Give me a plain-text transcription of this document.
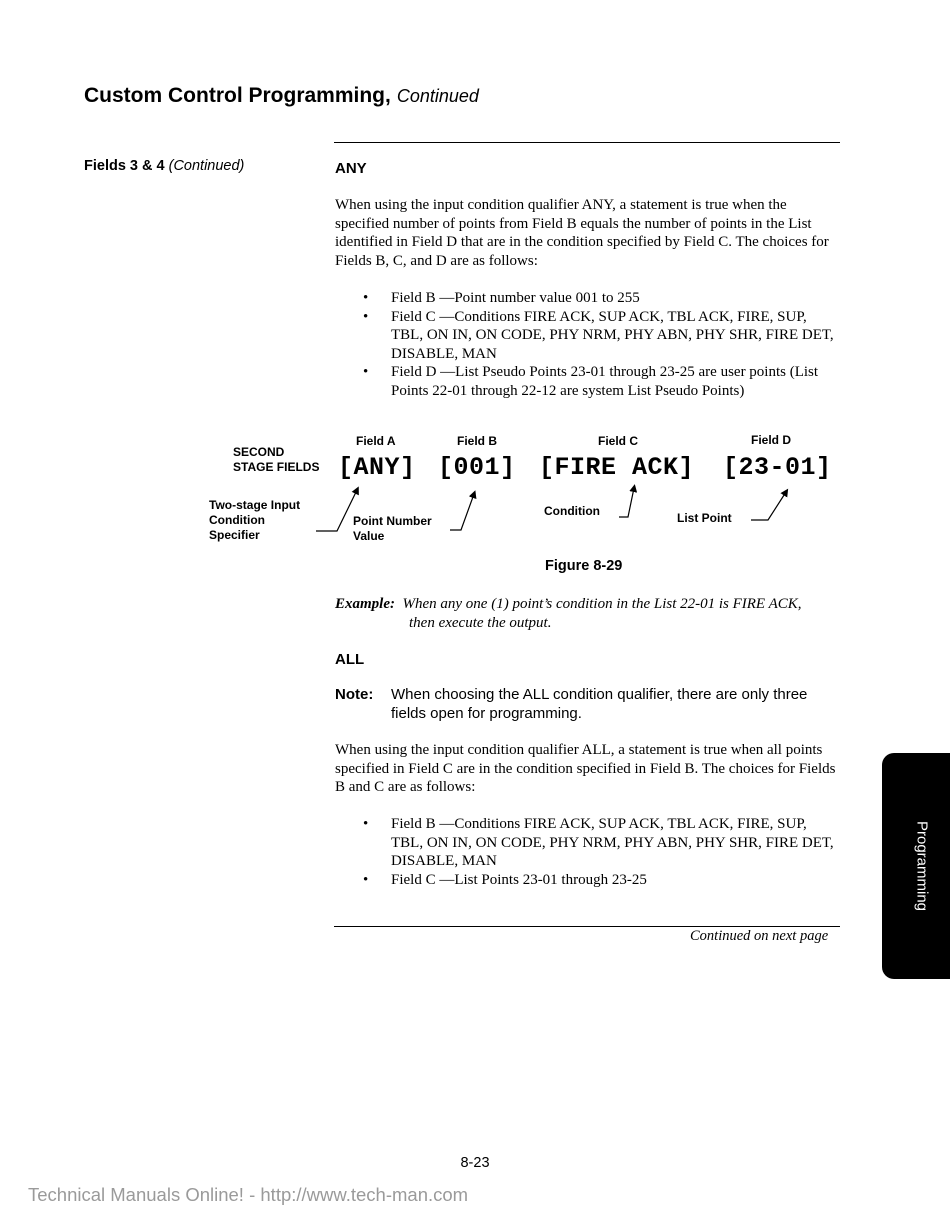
Custom Control Programming, Continued
Fields 3 & 4 (Continued)	ANY
When using the input condition qualifier ANY, a statement is true when the specified number of points from Field B equals the number of points in the List identified in Field D that are in the condition specified by Field C. The choices for Fields B, C, and D are as follows:
• Field B —Point number value 001 to 255
• Field C —Conditions FIRE ACK, SUP ACK, TBL ACK, FIRE, SUP, TBL, ON IN, ON CODE, PHY NRM, PHY ABN, PHY SHR, FIRE DET, DISABLE, MAN
• Field D —List Pseudo Points 23-01 through 23-25 are user points (List Points 22-01 through 22-12 are system List Pseudo Points)
SECOND
STAGE FIELDS
Field A	Field B	Field C	Field D
[ANY] [001] [FIRE ACK] [23-01]
Two-stage Input
Condition
Specifier
Point Number
Value
Condition	List Point
Figure 8-29
Example: When any one (1) point’s condition in the List 22-01 is FIRE ACK,
then execute the output.
ALL
Note: When choosing the ALL condition qualifier, there are only three fields open for programming.
When using the input condition qualifier ALL, a statement is true when all points specified in Field C are in the condition specified in Field B. The choices for Fields B and C are as follows:
• Field B —Conditions FIRE ACK, SUP ACK, TBL ACK, FIRE, SUP, TBL, ON IN, ON CODE, PHY NRM, PHY ABN, PHY SHR, FIRE DET, DISABLE, MAN
• Field C —List Points 23-01 through 23-25
Continued on next page
Programming
8-23
Technical Manuals Online! - http://www.tech-man.com
